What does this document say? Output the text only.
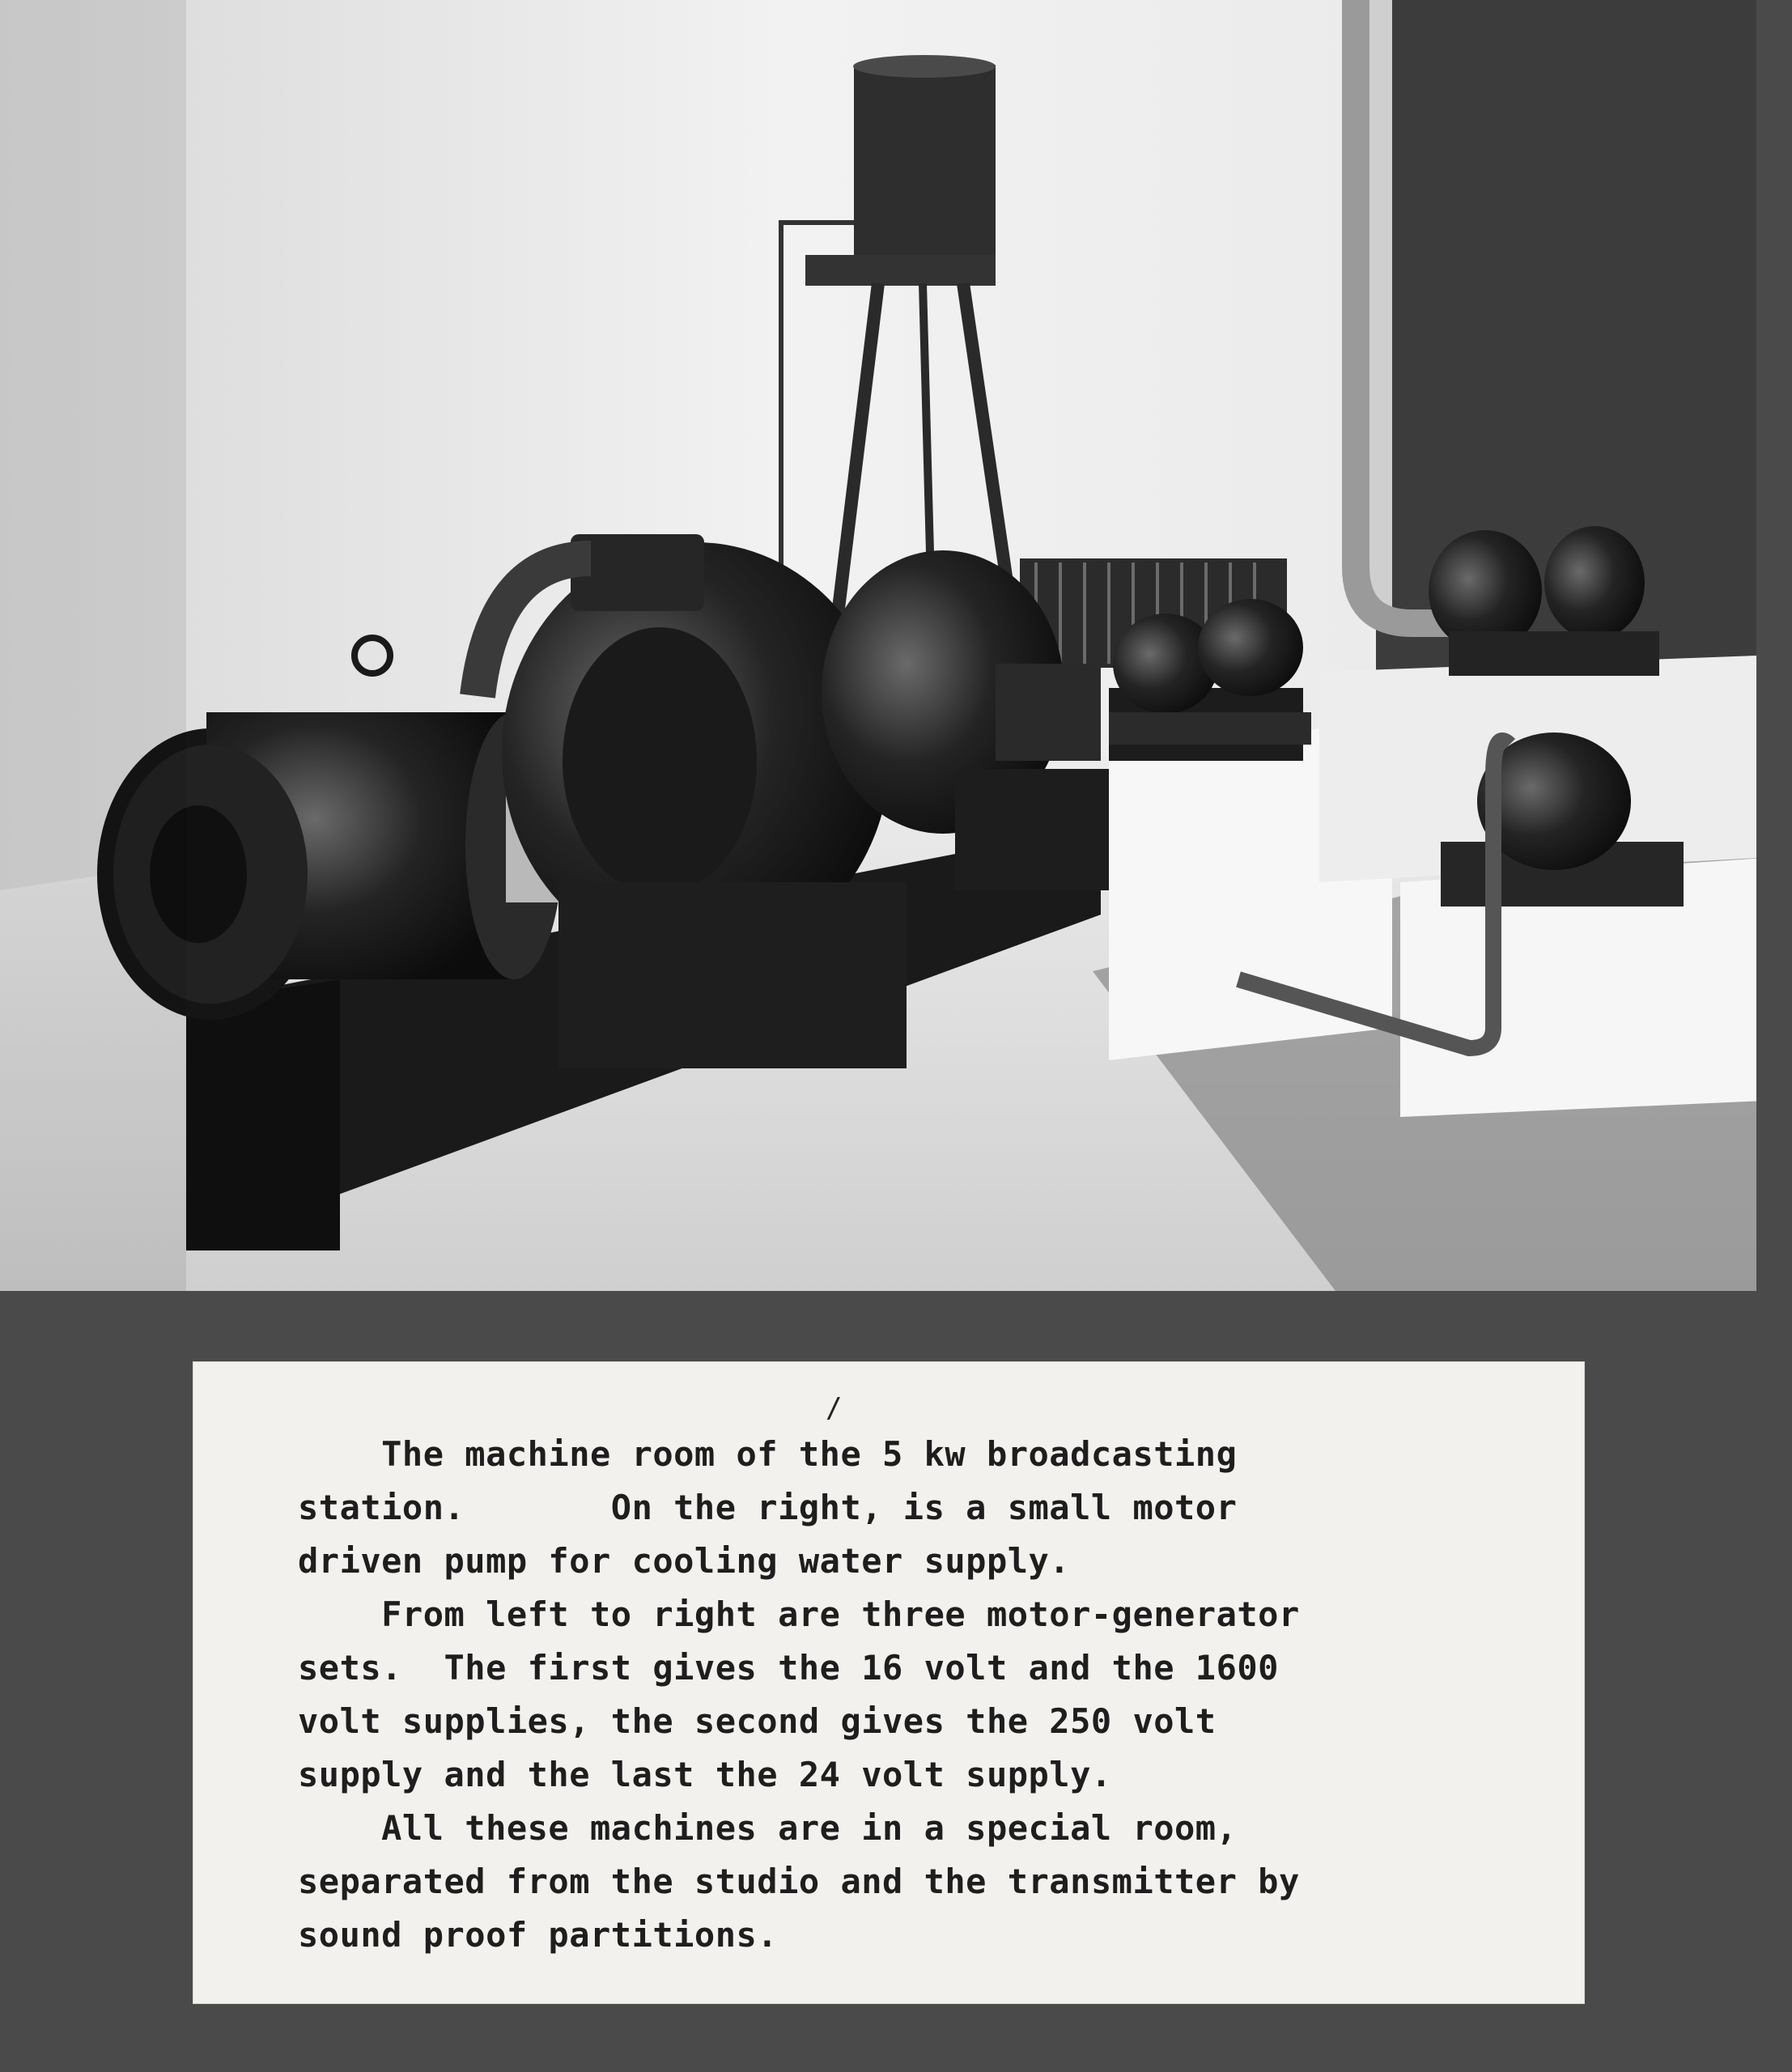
/

The machine room of the 5 kw broadcasting
station.       On the right, is a small motor
driven pump for cooling water supply.
From left to right are three motor-generator
sets.  The first gives the 16 volt and the 1600
volt supplies, the second gives the 250 volt
supply and the last the 24 volt supply.
All these machines are in a special room,
separated from the studio and the transmitter by
sound proof partitions.
